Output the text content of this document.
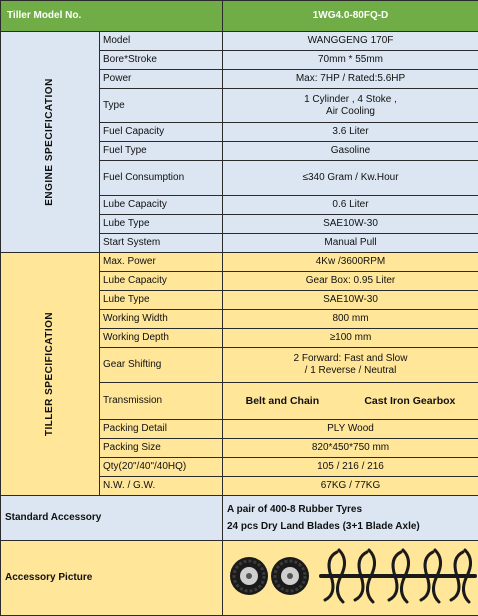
Tiller Model No.		1WG4.0-80FQ-D

ENGINE SPECIFICATION	Model	WANGGENG 170F
	Bore*Stroke	70mm * 55mm
	Power	Max: 7HP / Rated:5.6HP
	Type	1 Cylinder , 4 Stoke ,
Air Cooling

	Fuel Capacity	3.6 Liter
	Fuel Type	Gasoline
	Fuel Consumption	≤340 Gram / Kw.Hour
	Lube Capacity	0.6 Liter
	Lube Type	SAE10W-30
	Start System	Manual Pull

TILLER SPECIFICATION	Max. Power	4Kw /3600RPM
	Lube Capacity	Gear Box: 0.95 Liter
	Lube Type	SAE10W-30
	Working Width	800 mm
	Working Depth	≥100 mm
	Gear Shifting	2 Forward: Fast and Slow
/ 1 Reverse / Neutral

	Transmission	Belt and Chain Cast Iron Gearbox

	Packing Detail	PLY Wood
	Packing Size	820*450*750 mm
	Qty(20"/40"/40HQ)	105 / 216 / 216
	N.W. / G.W.	67KG / 77KG
Standard Accessory		A pair of 400-8 Rubber Tyres
24 pcs Dry Land Blades (3+1 Blade Axle)

Accessory Picture	
